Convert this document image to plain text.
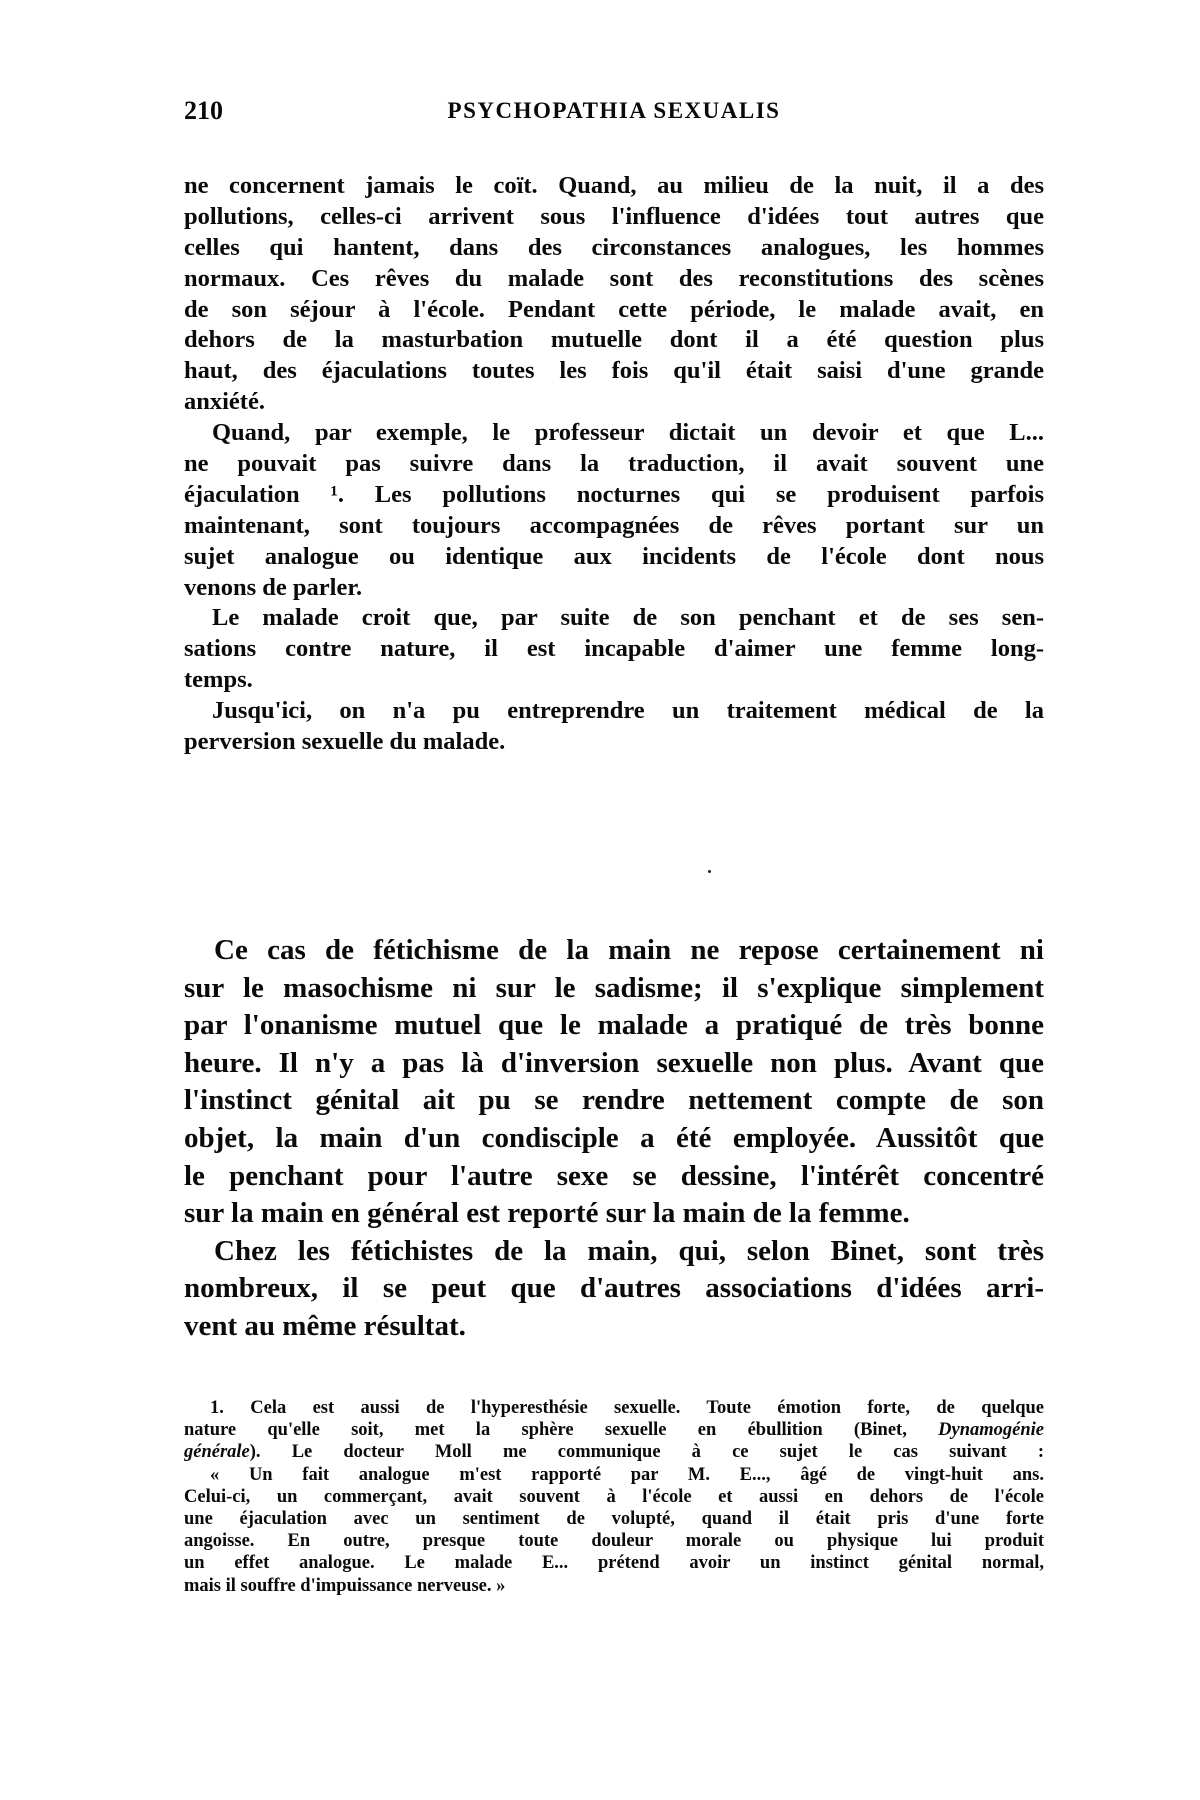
210	PSYCHOPATHIA SEXUALIS
ne concernent jamais le coït. Quand, au milieu de la nuit, il a des
pollutions, celles-ci arrivent sous l'influence d'idées tout autres que
celles qui hantent, dans des circonstances analogues, les hommes
normaux. Ces rêves du malade sont des reconstitutions des scènes
de son séjour à l'école. Pendant cette période, le malade avait, en
dehors de la masturbation mutuelle dont il a été question plus
haut, des éjaculations toutes les fois qu'il était saisi d'une grande
anxiété.
Quand, par exemple, le professeur dictait un devoir et que L...
ne pouvait pas suivre dans la traduction, il avait souvent une
éjaculation ¹. Les pollutions nocturnes qui se produisent parfois
maintenant, sont toujours accompagnées de rêves portant sur un
sujet analogue ou identique aux incidents de l'école dont nous
venons de parler.
Le malade croit que, par suite de son penchant et de ses sen-
sations contre nature, il est incapable d'aimer une femme long-
temps.
Jusqu'ici, on n'a pu entreprendre un traitement médical de la
perversion sexuelle du malade.
Ce cas de fétichisme de la main ne repose certainement ni
sur le masochisme ni sur le sadisme; il s'explique simplement
par l'onanisme mutuel que le malade a pratiqué de très bonne
heure. Il n'y a pas là d'inversion sexuelle non plus. Avant que
l'instinct génital ait pu se rendre nettement compte de son
objet, la main d'un condisciple a été employée. Aussitôt que
le penchant pour l'autre sexe se dessine, l'intérêt concentré
sur la main en général est reporté sur la main de la femme.
Chez les fétichistes de la main, qui, selon Binet, sont très
nombreux, il se peut que d'autres associations d'idées arri-
vent au même résultat.
1. Cela est aussi de l'hyperesthésie sexuelle. Toute émotion forte, de quelque
nature qu'elle soit, met la sphère sexuelle en ébullition (Binet, Dynamogénie
générale). Le docteur Moll me communique à ce sujet le cas suivant :
« Un fait analogue m'est rapporté par M. E..., âgé de vingt-huit ans.
Celui-ci, un commerçant, avait souvent à l'école et aussi en dehors de l'école
une éjaculation avec un sentiment de volupté, quand il était pris d'une forte
angoisse. En outre, presque toute douleur morale ou physique lui produit
un effet analogue. Le malade E... prétend avoir un instinct génital normal,
mais il souffre d'impuissance nerveuse. »
